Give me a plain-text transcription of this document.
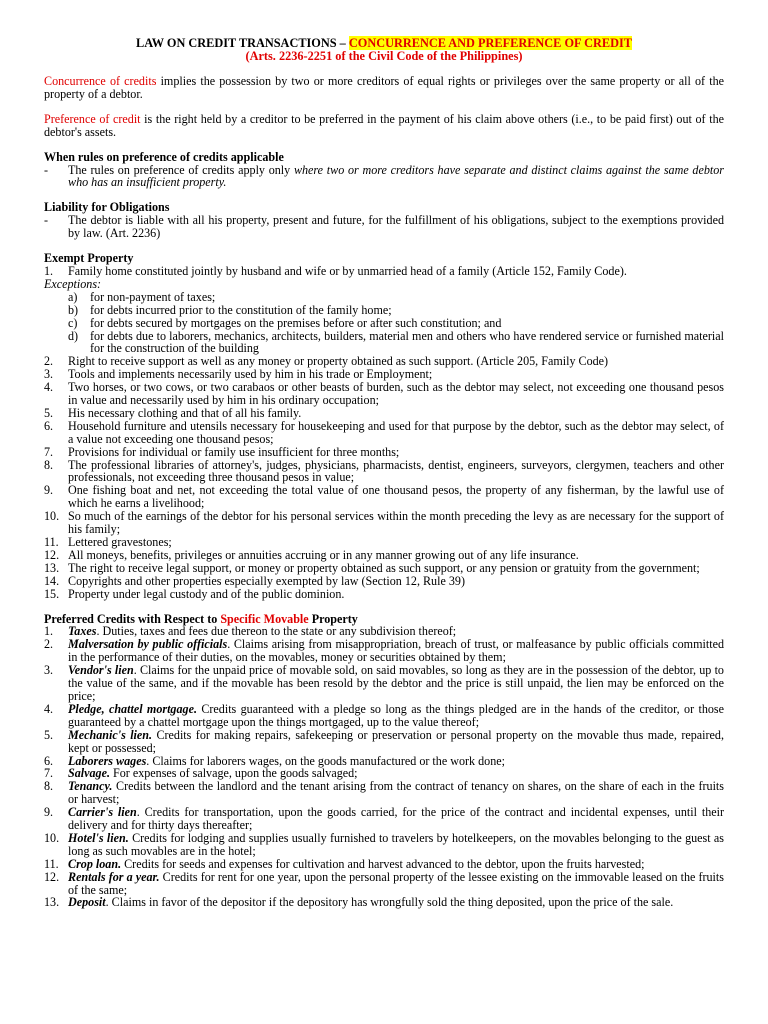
LAW ON CREDIT TRANSACTIONS – CONCURRENCE AND PREFERENCE OF CREDIT
(Arts. 2236-2251 of the Civil Code of the Philippines)

Concurrence of credits implies the possession by two or more creditors of equal rights or privileges over the same property or all of the property of a debtor.

Preference of credit is the right held by a creditor to be preferred in the payment of his claim above others (i.e., to be paid first) out of the debtor's assets.

When rules on preference of credits applicable
-	The rules on preference of credits apply only where two or more creditors have separate and distinct claims against the same debtor who has an insufficient property.
Liability for Obligations
-	The debtor is liable with all his property, present and future, for the fulfillment of his obligations, subject to the exemptions provided by law. (Art. 2236)
Exempt Property
1.	Family home constituted jointly by husband and wife or by unmarried head of a family (Article 152, Family Code).
Exceptions:
a)	for non-payment of taxes;
b) for debts incurred prior to the constitution of the family home;
c)	for debts secured by mortgages on the premises before or after such constitution; and
d) for debts due to laborers, mechanics, architects, builders, material men and others who have rendered service or furnished material for the construction of the building
2.	Right to receive support as well as any money or property obtained as such support. (Article 205, Family Code)
3.	Tools and implements necessarily used by him in his trade or Employment;
4.	Two horses, or two cows, or two carabaos or other beasts of burden, such as the debtor may select, not exceeding one thousand pesos in value and necessarily used by him in his ordinary occupation;
5.	His necessary clothing and that of all his family.
6.	Household furniture and utensils necessary for housekeeping and used for that purpose by the debtor, such as the debtor may select, of a value not exceeding one thousand pesos;
7.	Provisions for individual or family use insufficient for three months;
8.	The professional libraries of attorney's, judges, physicians, pharmacists, dentist, engineers, surveyors, clergymen, teachers and other professionals, not exceeding three thousand pesos in value;
9.	One fishing boat and net, not exceeding the total value of one thousand pesos, the property of any fisherman, by the lawful use of which he earns a livelihood;
10. So much of the earnings of the debtor for his personal services within the month preceding the levy as are necessary for the support of his family;
11. Lettered gravestones;
12. All moneys, benefits, privileges or annuities accruing or in any manner growing out of any life insurance.
13. The right to receive legal support, or money or property obtained as such support, or any pension or gratuity from the government;
14. Copyrights and other properties especially exempted by law (Section 12, Rule 39)
15. Property under legal custody and of the public dominion.
Preferred Credits with Respect to Specific Movable Property
1.	Taxes. Duties, taxes and fees due thereon to the state or any subdivision thereof;
2.	Malversation by public officials. Claims arising from misappropriation, breach of trust, or malfeasance by public officials committed in the performance of their duties, on the movables, money or securities obtained by them;
3.	Vendor's lien. Claims for the unpaid price of movable sold, on said movables, so long as they are in the possession of the debtor, up to the value of the same, and if the movable has been resold by the debtor and the price is still unpaid, the lien may be enforced on the price;
4.	Pledge, chattel mortgage. Credits guaranteed with a pledge so long as the things pledged are in the hands of the creditor, or those guaranteed by a chattel mortgage upon the things mortgaged, up to the value thereof;
5.	Mechanic's lien. Credits for making repairs, safekeeping or preservation or personal property on the movable thus made, repaired, kept or possessed;
6.	Laborers wages. Claims for laborers wages, on the goods manufactured or the work done;
7.	Salvage. For expenses of salvage, upon the goods salvaged;
8.	Tenancy. Credits between the landlord and the tenant arising from the contract of tenancy on shares, on the share of each in the fruits or harvest;
9.	Carrier's lien. Credits for transportation, upon the goods carried, for the price of the contract and incidental expenses, until their delivery and for thirty days thereafter;
10. Hotel's lien. Credits for lodging and supplies usually furnished to travelers by hotelkeepers, on the movables belonging to the guest as long as such movables are in the hotel;
11. Crop loan. Credits for seeds and expenses for cultivation and harvest advanced to the debtor, upon the fruits harvested;
12. Rentals for a year. Credits for rent for one year, upon the personal property of the lessee existing on the immovable leased on the fruits of the same;
13. Deposit. Claims in favor of the depositor if the depository has wrongfully sold the thing deposited, upon the price of the sale.
